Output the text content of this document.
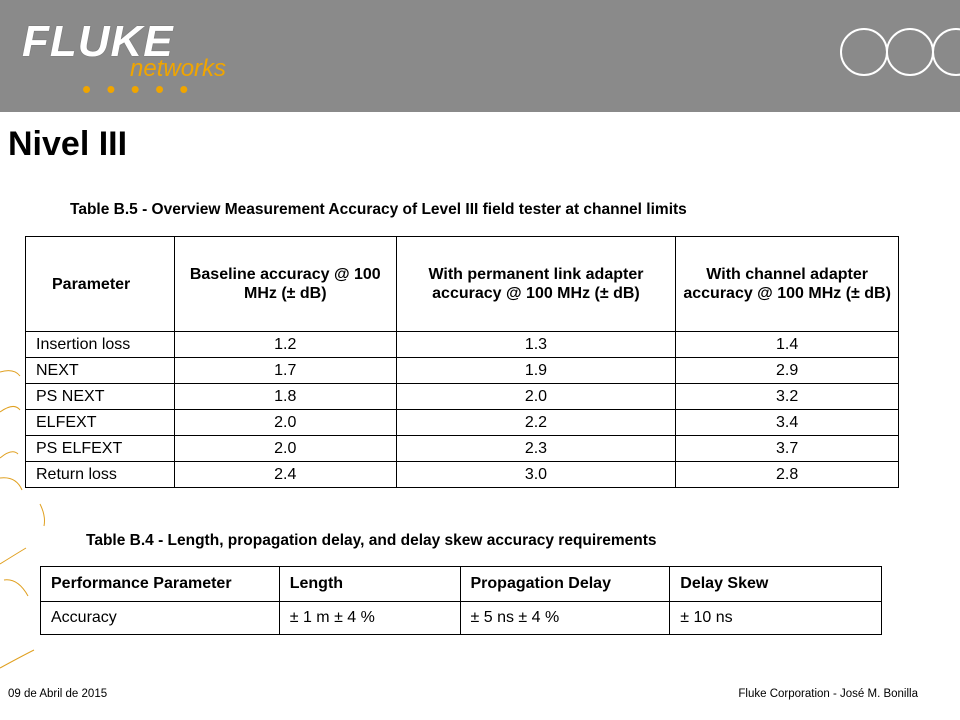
FLUKE
networks
• • • • •
Nivel III
Table B.5 - Overview Measurement Accuracy of Level III field tester at channel limits
Parameter	Baseline accuracy @ 100 MHz (± dB)	With permanent link adapter accuracy @ 100 MHz (± dB)	With channel adapter accuracy @ 100 MHz (± dB)
Insertion loss	1.2	1.3	1.4
NEXT	1.7	1.9	2.9
PS NEXT	1.8	2.0	3.2
ELFEXT	2.0	2.2	3.4
PS ELFEXT	2.0	2.3	3.7
Return loss	2.4	3.0	2.8
Table B.4 - Length, propagation delay, and delay skew accuracy requirements
Performance Parameter	Length	Propagation Delay	Delay Skew
Accuracy	± 1 m ± 4 %	± 5 ns ± 4 %	± 10 ns
09 de Abril de 2015	Fluke Corporation - José M. Bonilla
